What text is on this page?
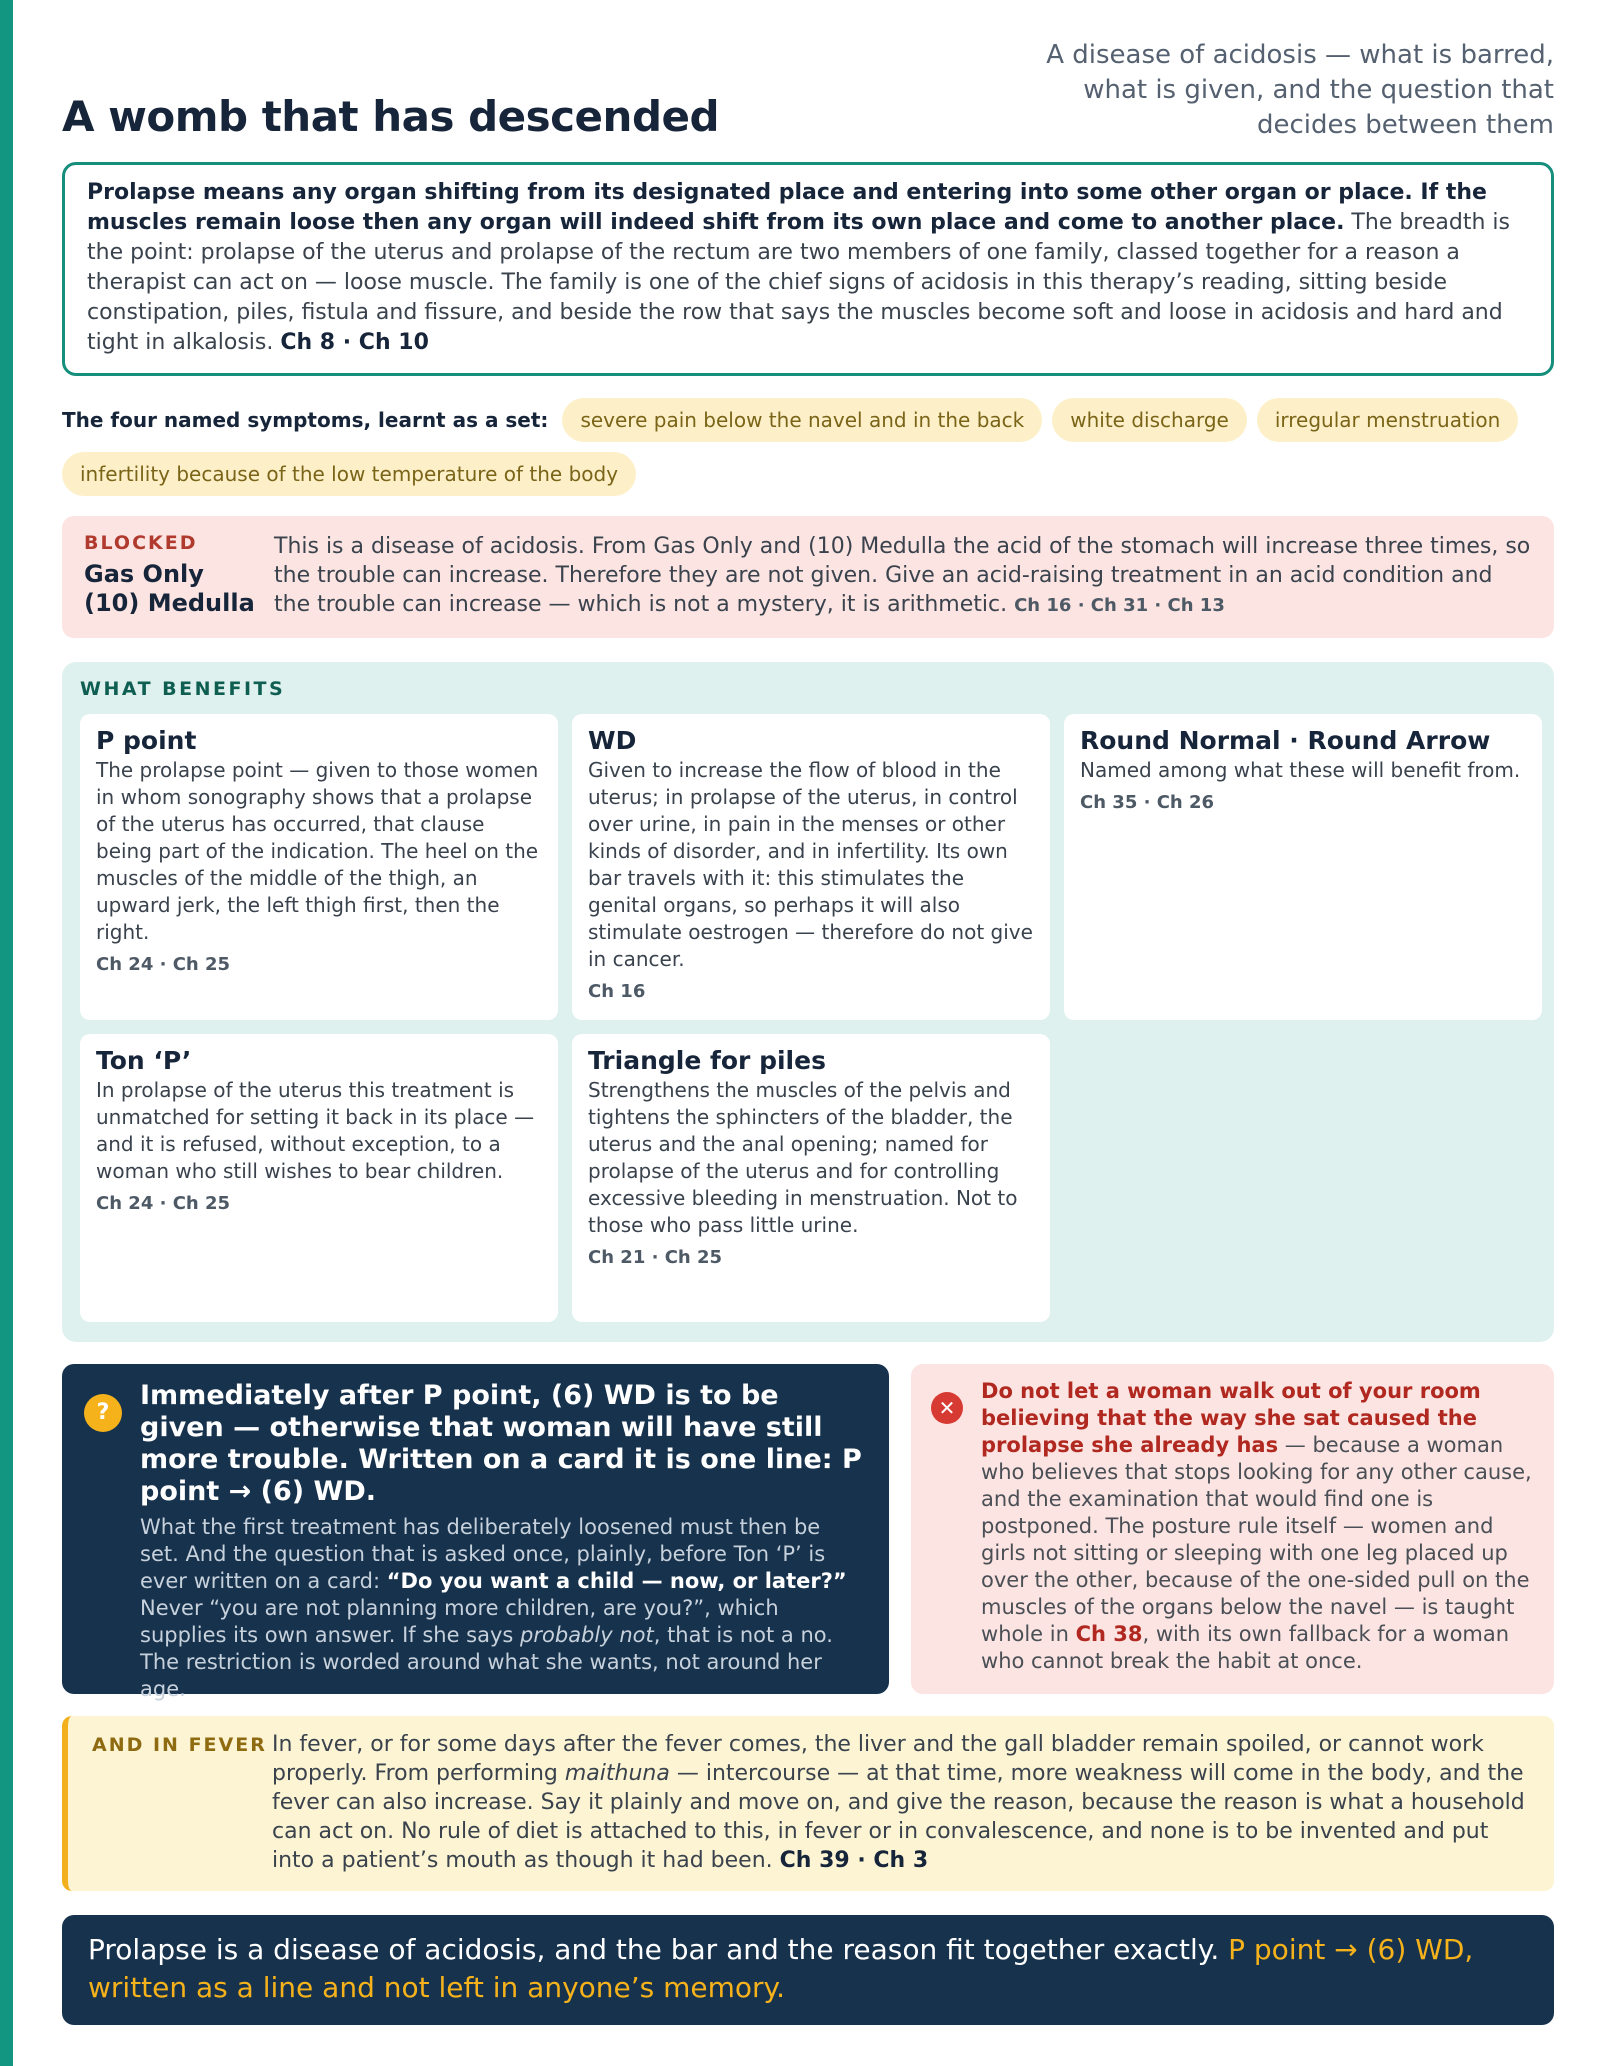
A womb that has descended
A disease of acidosis — what is barred, what is given, and the question that decides between them
Prolapse means any organ shifting from its designated place and entering into some other organ or place. If the muscles remain loose then any organ will indeed shift from its own place and come to another place. The breadth is the point: prolapse of the uterus and prolapse of the rectum are two members of one family, classed together for a reason a therapist can act on — loose muscle. The family is one of the chief signs of acidosis in this therapy’s reading, sitting beside constipation, piles, fistula and fissure, and beside the row that says the muscles become soft and loose in acidosis and hard and tight in alkalosis. Ch 8 · Ch 10
The four named symptoms, learnt as a set:	severe pain below the navel and in the back	white discharge	irregular menstruation
infertility because of the low temperature of the body
BLOCKED
Gas Only
(10) Medulla
This is a disease of acidosis. From Gas Only and (10) Medulla the acid of the stomach will increase three times, so the trouble can increase. Therefore they are not given. Give an acid-raising treatment in an acid condition and the trouble can increase — which is not a mystery, it is arithmetic. Ch 16 · Ch 31 · Ch 13
WHAT BENEFITS
P point

The prolapse point — given to those women in whom sonography shows that a prolapse of the uterus has occurred, that clause being part of the indication. The heel on the muscles of the middle of the thigh, an upward jerk, the left thigh first, then the right.

Ch 24 · Ch 25
WD

Given to increase the flow of blood in the uterus; in prolapse of the uterus, in control over urine, in pain in the menses or other kinds of disorder, and in infertility. Its own bar travels with it: this stimulates the genital organs, so perhaps it will also stimulate oestrogen — therefore do not give in cancer.

Ch 16
Round Normal · Round Arrow

Named among what these will benefit from.

Ch 35 · Ch 26
Ton ‘P’

In prolapse of the uterus this treatment is unmatched for setting it back in its place — and it is refused, without exception, to a woman who still wishes to bear children.

Ch 24 · Ch 25
Triangle for piles

Strengthens the muscles of the pelvis and tightens the sphincters of the bladder, the uterus and the anal opening; named for prolapse of the uterus and for controlling excessive bleeding in menstruation. Not to those who pass little urine.

Ch 21 · Ch 25
?
Immediately after P point, (6) WD is to be given — otherwise that woman will have still more trouble. Written on a card it is one line: P point → (6) WD.
What the first treatment has deliberately loosened must then be set. And the question that is asked once, plainly, before Ton ‘P’ is ever written on a card: “Do you want a child — now, or later?” Never “you are not planning more children, are you?”, which supplies its own answer. If she says probably not, that is not a no. The restriction is worded around what she wants, not around her age.
✕
Do not let a woman walk out of your room believing that the way she sat caused the prolapse she already has — because a woman who believes that stops looking for any other cause, and the examination that would find one is postponed. The posture rule itself — women and girls not sitting or sleeping with one leg placed up over the other, because of the one-sided pull on the muscles of the organs below the navel — is taught whole in Ch 38, with its own fallback for a woman who cannot break the habit at once.
AND IN FEVER In fever, or for some days after the fever comes, the liver and the gall bladder remain spoiled, or cannot work properly. From performing maithuna — intercourse — at that time, more weakness will come in the body, and the fever can also increase. Say it plainly and move on, and give the reason, because the reason is what a household can act on. No rule of diet is attached to this, in fever or in convalescence, and none is to be invented and put into a patient’s mouth as though it had been. Ch 39 · Ch 3
Prolapse is a disease of acidosis, and the bar and the reason fit together exactly. P point → (6) WD, written as a line and not left in anyone’s memory.
